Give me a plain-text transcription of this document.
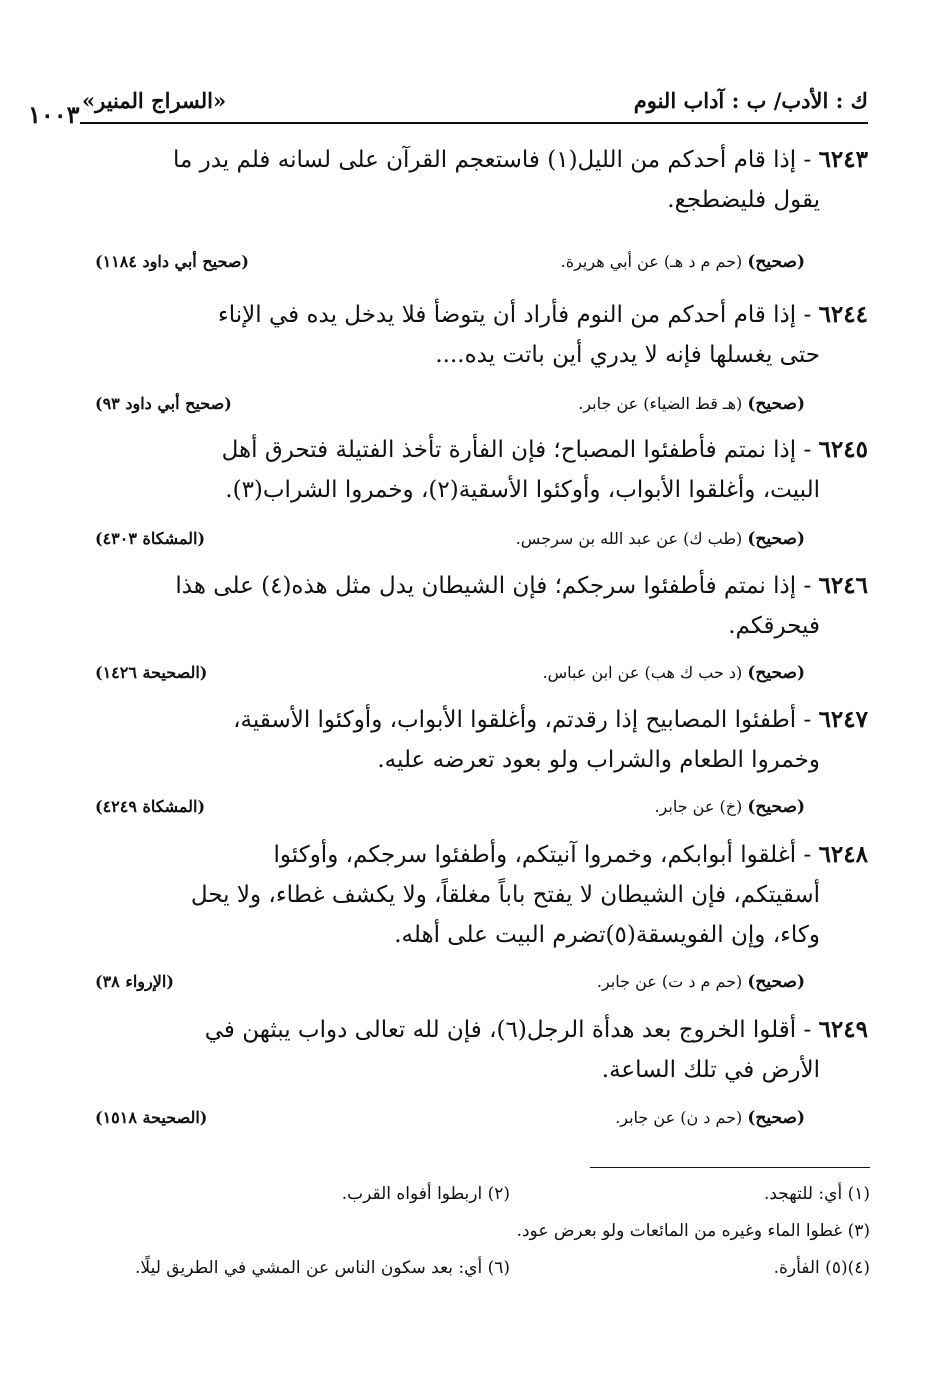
ك : الأدب/ ب : آداب النوم
«السراج المنير»
١٠٠٣

٦٢٤٣ - إذا قام أحدكم من الليل(١) فاستعجم القرآن على لسانه فلم يدر ما

يقول فليضطجع.

(صحيح) (حم م د هـ) عن أبي هريرة.
(صحيح أبي داود ١١٨٤)

٦٢٤٤ - إذا قام أحدكم من النوم فأراد أن يتوضأ فلا يدخل يده في الإناء

حتى يغسلها فإنه لا يدري أين باتت يده....

(صحيح) (هـ قط الضياء) عن جابر.
(صحيح أبي داود ٩٣)

٦٢٤٥ - إذا نمتم فأطفئوا المصباح؛ فإن الفأرة تأخذ الفتيلة فتحرق أهل

البيت، وأغلقوا الأبواب، وأوكئوا الأسقية(٢)، وخمروا الشراب(٣).

(صحيح) (طب ك) عن عبد الله بن سرجس.
(المشكاة ٤٣٠٣)

٦٢٤٦ - إذا نمتم فأطفئوا سرجكم؛ فإن الشيطان يدل مثل هذه(٤) على هذا

فيحرقكم.

(صحيح) (د حب ك هب) عن ابن عباس.
(الصحيحة ١٤٢٦)

٦٢٤٧ - أطفئوا المصابيح إذا رقدتم، وأغلقوا الأبواب، وأوكئوا الأسقية،

وخمروا الطعام والشراب ولو بعود تعرضه عليه.

(صحيح) (خ) عن جابر.
(المشكاة ٤٢٤٩)

٦٢٤٨ - أغلقوا أبوابكم، وخمروا آنيتكم، وأطفئوا سرجكم، وأوكئوا

أسقيتكم، فإن الشيطان لا يفتح باباً مغلقاً، ولا يكشف غطاء، ولا يحل

وكاء، وإن الفويسقة(٥)تضرم البيت على أهله.

(صحيح) (حم م د ت) عن جابر.
(الإرواء ٣٨)

٦٢٤٩ - أقلوا الخروج بعد هدأة الرجل(٦)، فإن لله تعالى دواب يبثهن في

الأرض في تلك الساعة.

(صحيح) (حم د ن) عن جابر.
(الصحيحة ١٥١٨)
(١) أي: للتهجد.
(٢) اربطوا أفواه القرب.
(٣) غطوا الماء وغيره من المائعات ولو بعرض عود.
(٤)(٥) الفأرة.
(٦) أي: بعد سكون الناس عن المشي في الطريق ليلًا.
